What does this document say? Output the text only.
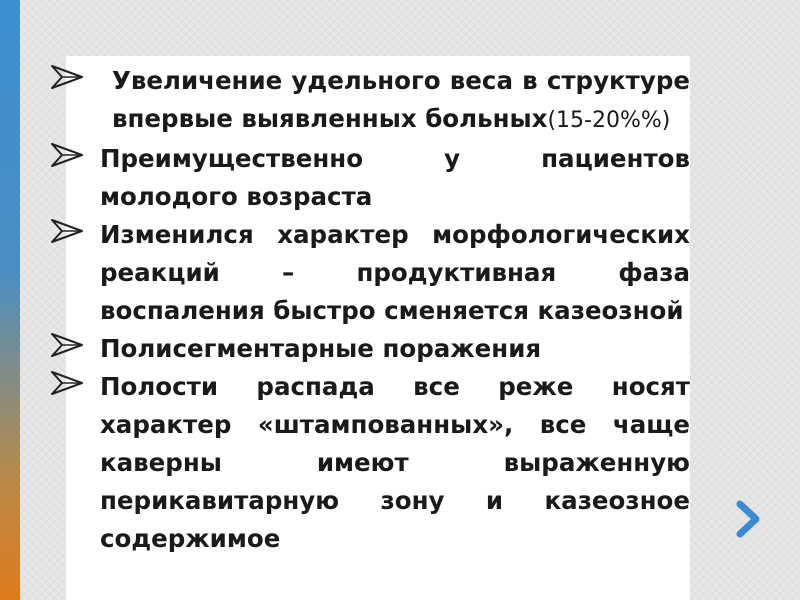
Увеличение удельного веса в структуре впервые выявленных больных(15-20%%)
Преимущественно у пациентов молодого возраста
Изменился характер морфологических реакций – продуктивная фаза воспаления быстро сменяется казеозной
Полисегментарные поражения
Полости распада все реже носят характер «штампованных», все чаще каверны имеют выраженную перикавитарную зону и казеозное содержимое
